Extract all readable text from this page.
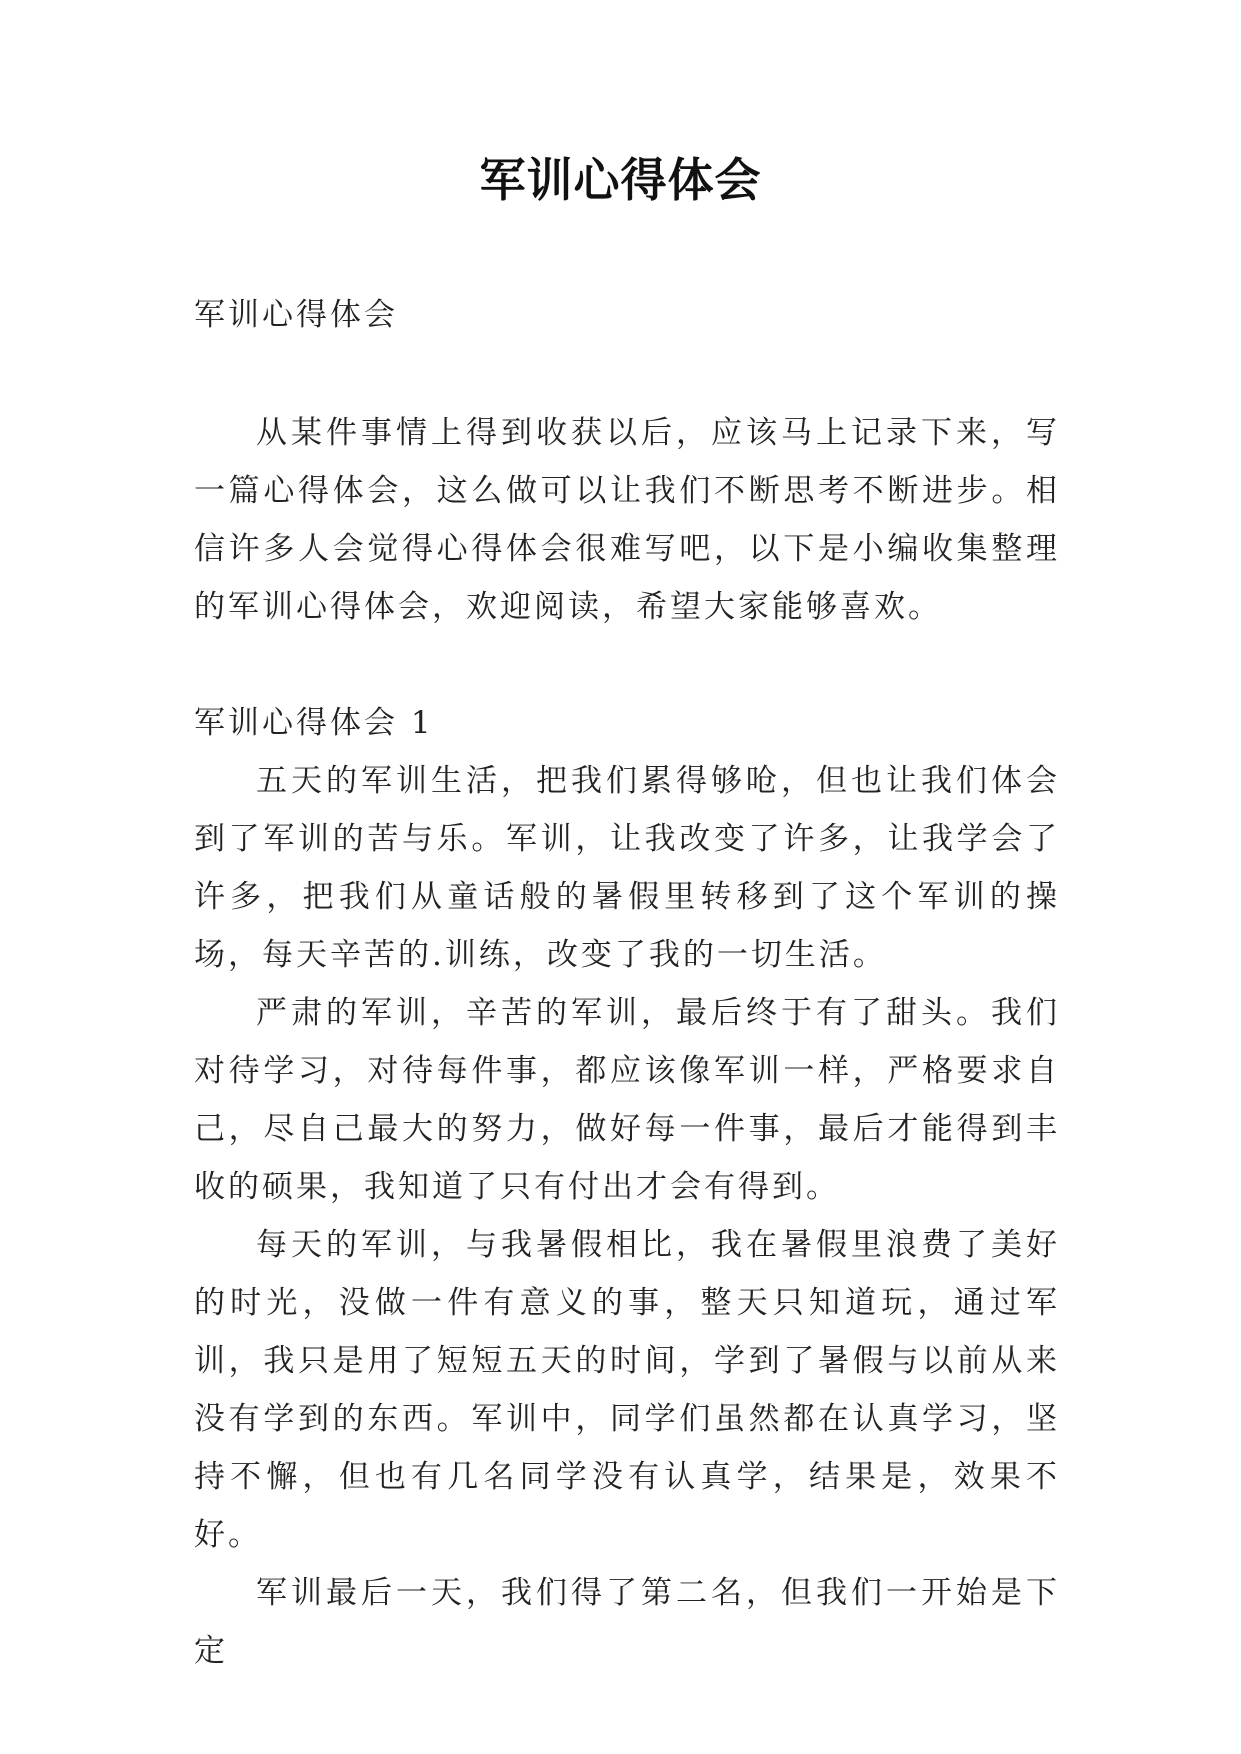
军训心得体会

军训心得体会

从某件事情上得到收获以后，应该马上记录下来，写一篇心得体会，这么做可以让我们不断思考不断进步。相信许多人会觉得心得体会很难写吧，以下是小编收集整理的军训心得体会，欢迎阅读，希望大家能够喜欢。

军训心得体会 1

五天的军训生活，把我们累得够呛，但也让我们体会到了军训的苦与乐。军训，让我改变了许多，让我学会了许多，把我们从童话般的暑假里转移到了这个军训的操场，每天辛苦的.训练，改变了我的一切生活。

严肃的军训，辛苦的军训，最后终于有了甜头。我们对待学习，对待每件事，都应该像军训一样，严格要求自己，尽自己最大的努力，做好每一件事，最后才能得到丰收的硕果，我知道了只有付出才会有得到。

每天的军训，与我暑假相比，我在暑假里浪费了美好的时光，没做一件有意义的事，整天只知道玩，通过军训，我只是用了短短五天的时间，学到了暑假与以前从来没有学到的东西。军训中，同学们虽然都在认真学习，坚持不懈，但也有几名同学没有认真学，结果是，效果不好。

军训最后一天，我们得了第二名，但我们一开始是下定
